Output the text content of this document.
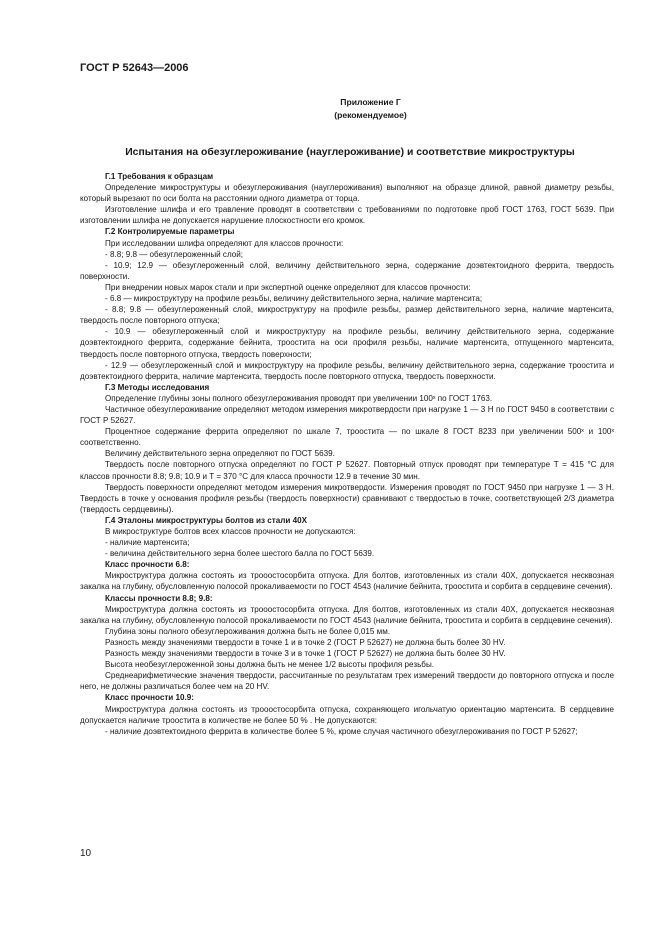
ГОСТ Р 52643—2006
Приложение Г
(рекомендуемое)
Испытания на обезуглероживание (науглероживание) и соответствие микроструктуры

Г.1 Требования к образцам

Определение микроструктуры и обезуглероживания (науглероживания) выполняют на образце длиной, равной диаметру резьбы, который вырезают по оси болта на расстоянии одного диаметра от торца.

Изготовление шлифа и его травление проводят в соответствии с требованиями по подготовке проб ГОСТ 1763, ГОСТ 5639. При изготовлении шлифа не допускается нарушение плоскостности его кромок.

Г.2 Контролируемые параметры

При исследовании шлифа определяют для классов прочности:

- 8.8; 9.8 — обезуглероженный слой;

- 10.9; 12.9 — обезуглероженный слой, величину действительного зерна, содержание доэвтектоидного феррита, твердость поверхности.

При внедрении новых марок стали и при экспертной оценке определяют для классов прочности:

- 6.8 — микроструктуру на профиле резьбы, величину действительного зерна, наличие мартенсита;

- 8.8; 9.8 — обезуглероженный слой, микроструктуру на профиле резьбы, размер действительного зерна, наличие мартенсита, твердость после повторного отпуска;

- 10.9 — обезуглероженный слой и микроструктуру на профиле резьбы, величину действительного зерна, содержание доэвтектоидного феррита, содержание бейнита, троостита на оси профиля резьбы, наличие мартенсита, отпущенного мартенсита, твердость после повторного отпуска, твердость поверхности;

- 12.9 — обезуглероженный слой и микроструктуру на профиле резьбы, величину действительного зерна, содержание троостита и доэвтектоидного феррита, наличие мартенсита, твердость после повторного отпуска, твердость поверхности.

Г.3 Методы исследования

Определение глубины зоны полного обезуглероживания проводят при увеличении 100ˣ по ГОСТ 1763.

Частичное обезуглероживание определяют методом измерения микротвердости при нагрузке 1 — 3 Н по ГОСТ 9450 в соответствии с ГОСТ Р 52627.

Процентное содержание феррита определяют по шкале 7, троостита — по шкале 8 ГОСТ 8233 при увеличении 500ˣ и 100ˣ соответственно.

Величину действительного зерна определяют по ГОСТ 5639.

Твердость после повторного отпуска определяют по ГОСТ Р 52627. Повторный отпуск проводят при температуре T = 415 °С для классов прочности 8.8; 9.8; 10.9 и T = 370 °С для класса прочности 12.9 в течение 30 мин.

Твердость поверхности определяют методом измерения микротвердости. Измерения проводят по ГОСТ 9450 при нагрузке 1 — 3 Н. Твердость в точке у основания профиля резьбы (твердость поверхности) сравнивают с твердостью в точке, соответствующей 2/3 диаметра (твердость сердцевины).

Г.4 Эталоны микроструктуры болтов из стали 40Х

В микроструктуре болтов всех классов прочности не допускаются:

- наличие мартенсита;

- величина действительного зерна более шестого балла по ГОСТ 5639.

Класс прочности 6.8:

Микроструктура должна состоять из трооостосорбита отпуска. Для болтов, изготовленных из стали 40Х, допускается несквозная закалка на глубину, обусловленную полосой прокаливаемости по ГОСТ 4543 (наличие бейнита, троостита и сорбита в сердцевине сечения).

Классы прочности 8.8; 9.8:

Микроструктура должна состоять из трооостосорбита отпуска. Для болтов, изготовленных из стали 40Х, допускается несквозная закалка на глубину, обусловленную полосой прокаливаемости по ГОСТ 4543 (наличие бейнита, троостита и сорбита в сердцевине сечения).

Глубина зоны полного обезуглероживания должна быть не более 0,015 мм.

Разность между значениями твердости в точке 1 и в точке 2 (ГОСТ Р 52627) не должна быть более 30 HV.

Разность между значениями твердости в точке 3 и в точке 1 (ГОСТ Р 52627) не должна быть более 30 HV.

Высота необезуглероженной зоны должна быть не менее 1/2 высоты профиля резьбы.

Среднеарифметические значения твердости, рассчитанные по результатам трех измерений твердости до повторного отпуска и после него, не должны различаться более чем на 20 HV.

Класс прочности 10.9:

Микроструктура должна состоять из трооостосорбита отпуска, сохраняющего игольчатую ориентацию мартенсита. В сердцевине допускается наличие троостита в количестве не более 50 % . Не допускаются:

- наличие доэвтектоидного феррита в количестве более 5 %, кроме случая частичного обезуглероживания по ГОСТ Р 52627;

10
